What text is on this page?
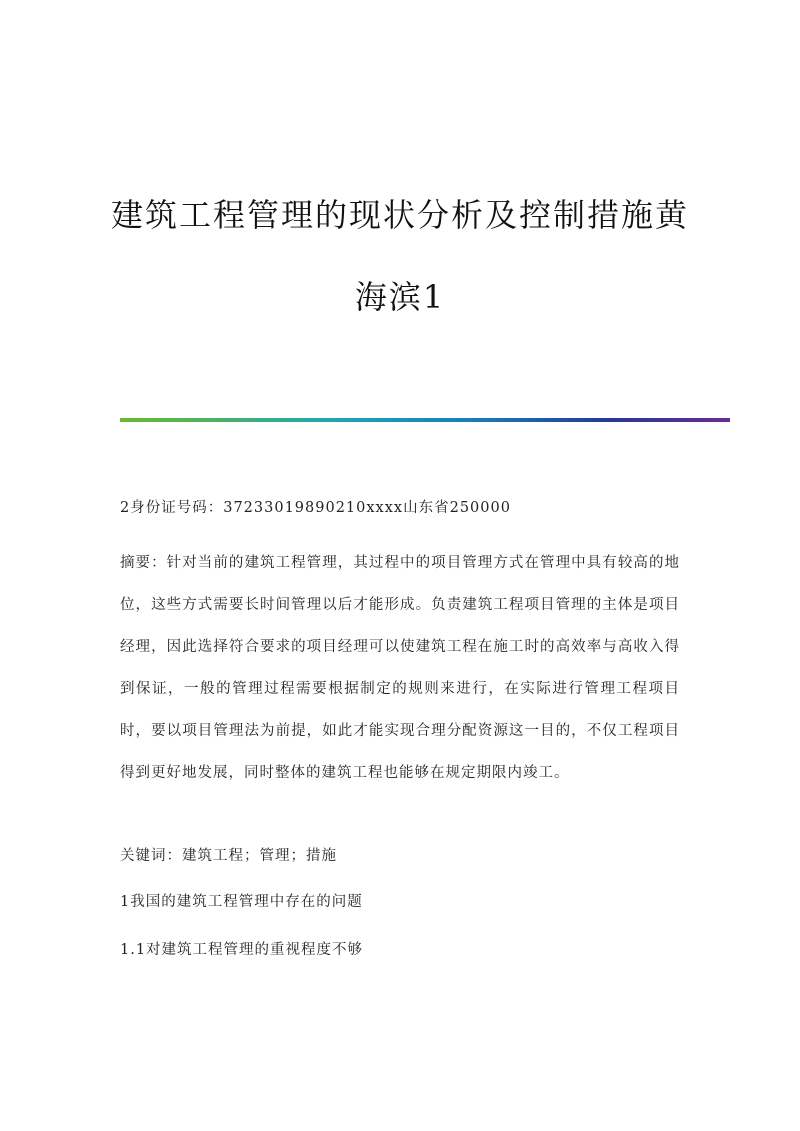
建筑工程管理的现状分析及控制措施黄
海滨1
2身份证号码：37233019890210xxxx山东省250000

摘要：针对当前的建筑工程管理，其过程中的项目管理方式在管理中具有较高的地位，这些方式需要长时间管理以后才能形成。负责建筑工程项目管理的主体是项目经理，因此选择符合要求的项目经理可以使建筑工程在施工时的高效率与高收入得到保证，一般的管理过程需要根据制定的规则来进行，在实际进行管理工程项目时，要以项目管理法为前提，如此才能实现合理分配资源这一目的，不仅工程项目得到更好地发展，同时整体的建筑工程也能够在规定期限内竣工。

关键词：建筑工程；管理；措施
1我国的建筑工程管理中存在的问题
1.1对建筑工程管理的重视程度不够
